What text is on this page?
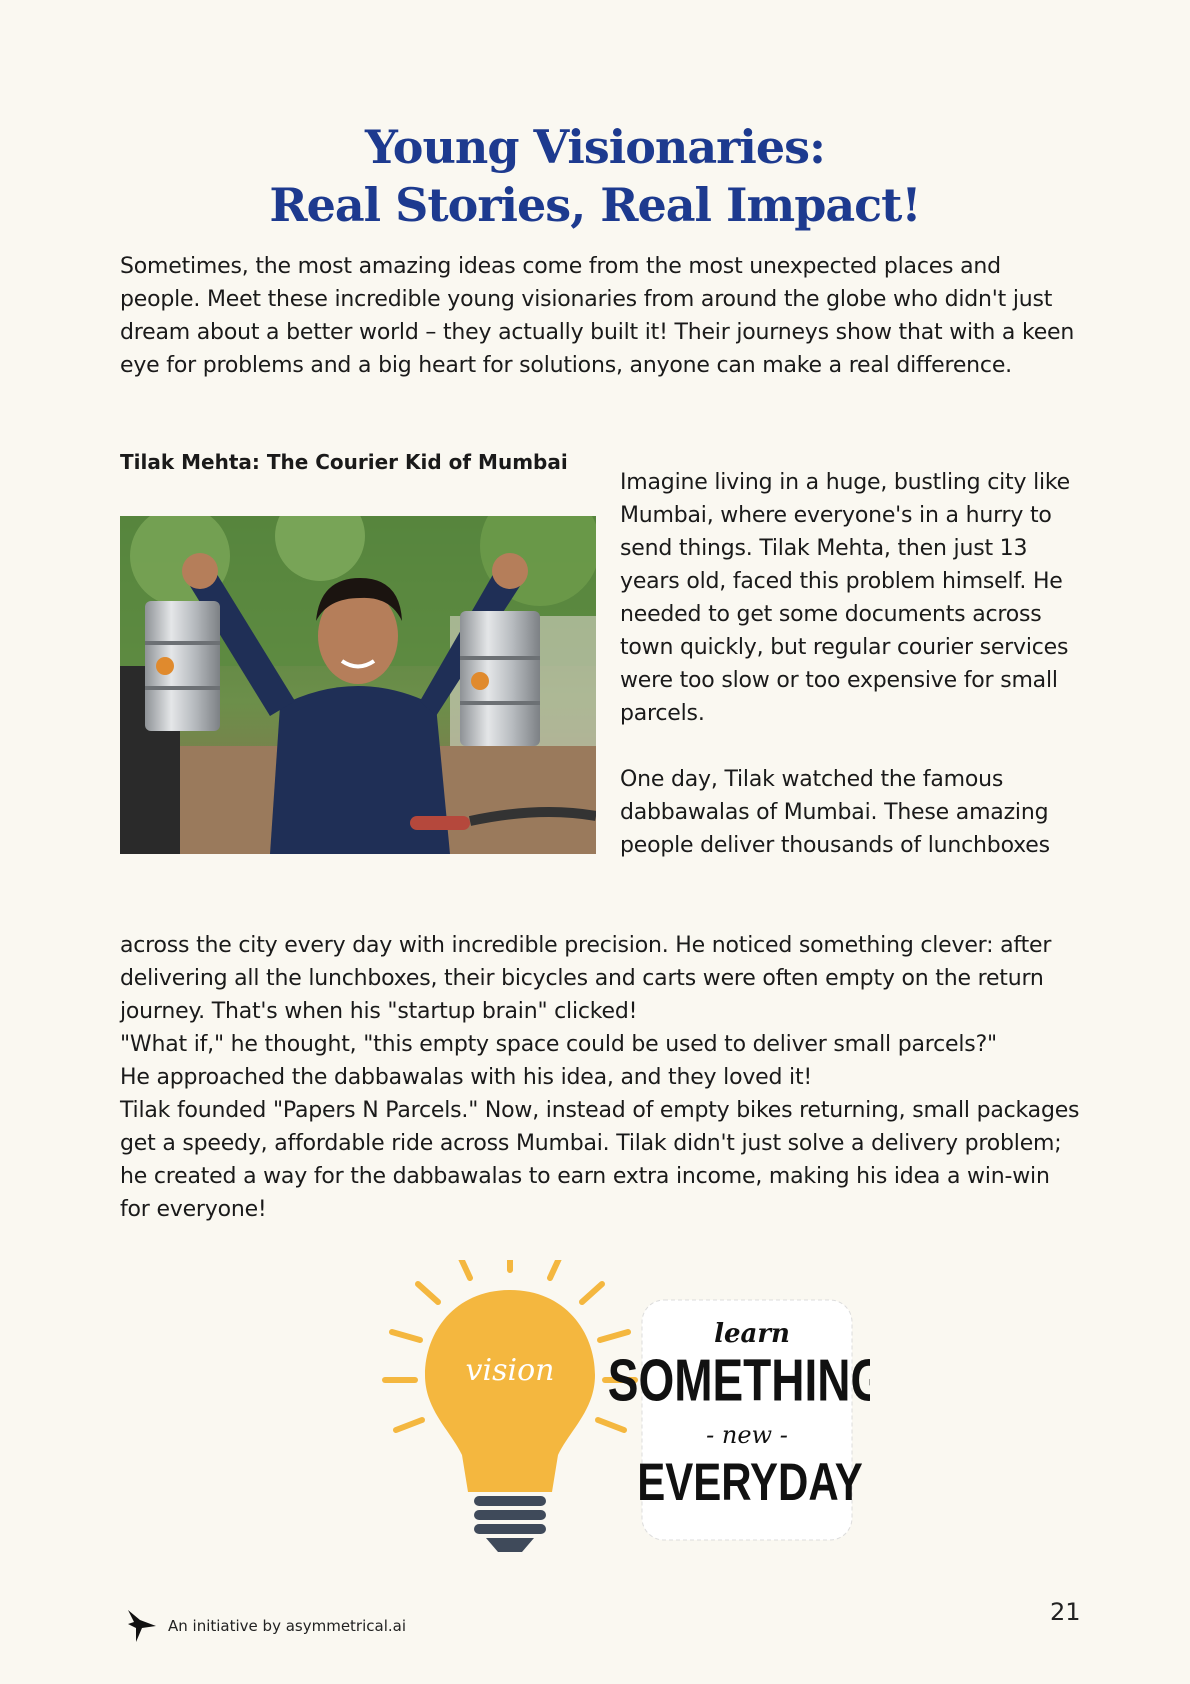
Young Visionaries:
Real Stories, Real Impact!

Sometimes, the most amazing ideas come from the most unexpected places and people. Meet these incredible young visionaries from around the globe who didn't just dream about a better world – they actually built it! Their journeys show that with a keen eye for problems and a big heart for solutions, anyone can make a real difference.

Tilak Mehta: The Courier Kid of Mumbai

Imagine living in a huge, bustling city like Mumbai, where everyone's in a hurry to send things. Tilak Mehta, then just 13 years old, faced this problem himself. He needed to get some documents across town quickly, but regular courier services were too slow or too expensive for small parcels.

One day, Tilak watched the famous dabbawalas of Mumbai. These amazing people deliver thousands of lunchboxes

across the city every day with incredible precision. He noticed something clever: after delivering all the lunchboxes, their bicycles and carts were often empty on the return journey. That's when his "startup brain" clicked!

"What if," he thought, "this empty space could be used to deliver small parcels?"

He approached the dabbawalas with his idea, and they loved it!

Tilak founded "Papers N Parcels." Now, instead of empty bikes returning, small packages get a speedy, affordable ride across Mumbai. Tilak didn't just solve a delivery problem; he created a way for the dabbawalas to earn extra income, making his idea a win-win for everyone!

vision
learn
SOMETHING
- new -
EVERYDAY
An initiative by asymmetrical.ai	21
